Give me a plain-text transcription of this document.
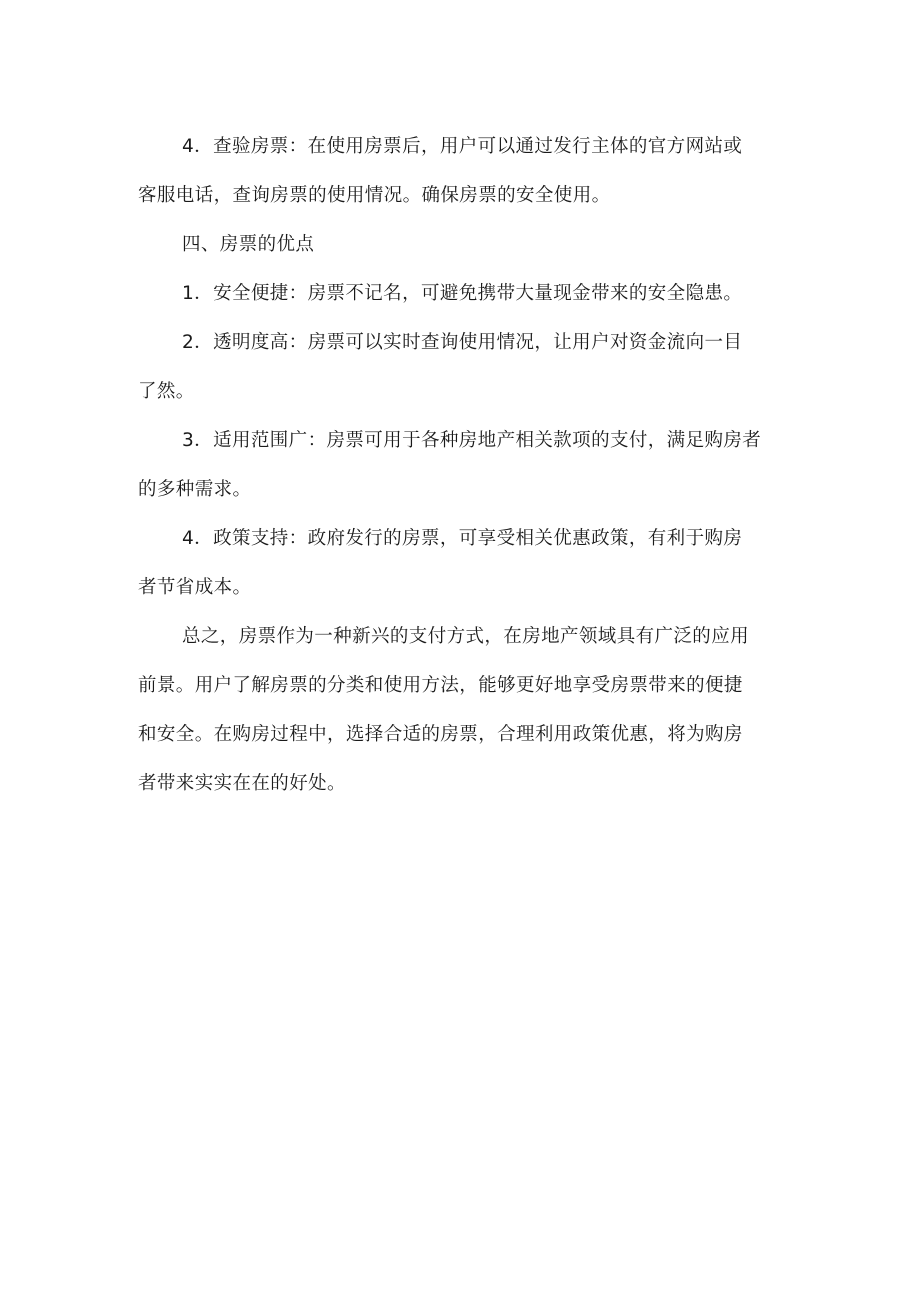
4．查验房票：在使用房票后，用户可以通过发行主体的官方网站或
客服电话，查询房票的使用情况。确保房票的安全使用。
四、房票的优点
1．安全便捷：房票不记名，可避免携带大量现金带来的安全隐患。
2．透明度高：房票可以实时查询使用情况，让用户对资金流向一目
了然。
3．适用范围广：房票可用于各种房地产相关款项的支付，满足购房者
的多种需求。
4．政策支持：政府发行的房票，可享受相关优惠政策，有利于购房
者节省成本。
总之，房票作为一种新兴的支付方式，在房地产领域具有广泛的应用
前景。用户了解房票的分类和使用方法，能够更好地享受房票带来的便捷
和安全。在购房过程中，选择合适的房票，合理利用政策优惠，将为购房
者带来实实在在的好处。
